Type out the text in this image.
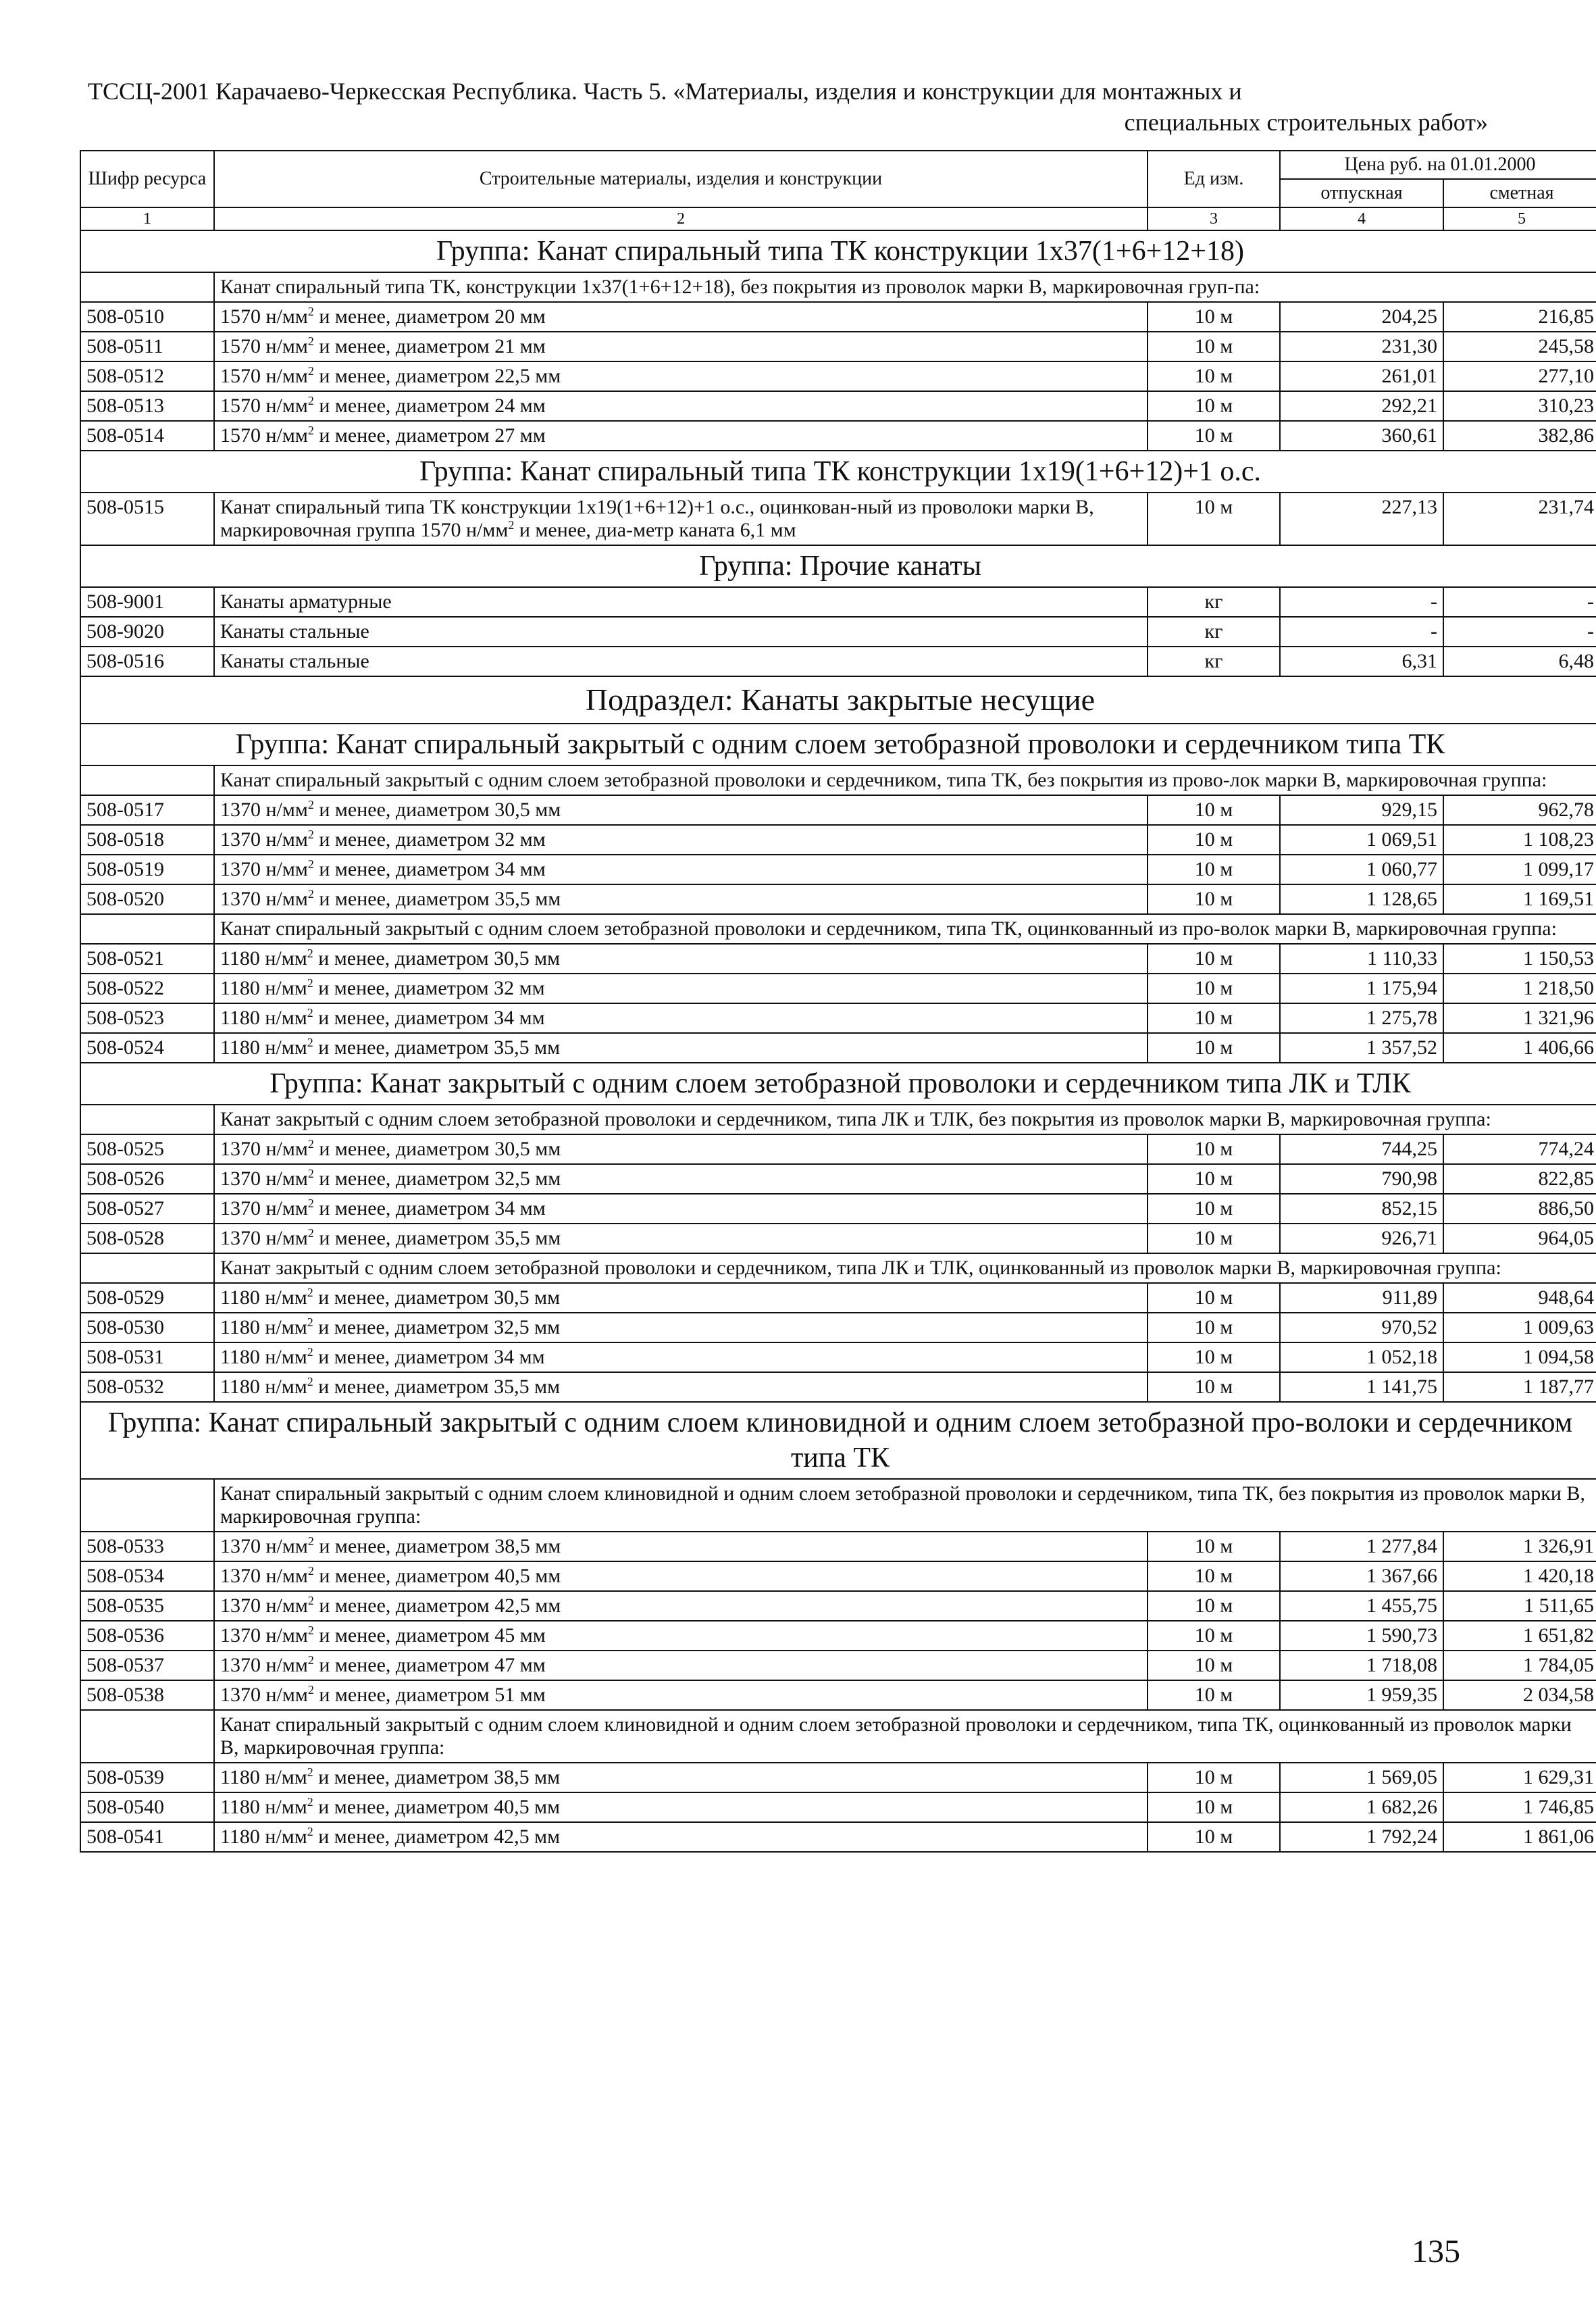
ТССЦ-2001 Карачаево-Черкесская Республика. Часть 5. «Материалы, изделия и конструкции для монтажных и
специальных строительных работ»
Шифр ресурса	Строительные материалы, изделия и конструкции	Ед изм.	Цена руб. на 01.01.2000	
			отпускная	сметная
1	2	3	4	5
Группа: Канат спиральный типа ТК конструкции 1х37(1+6+12+18)				
	Канат спиральный типа ТК, конструкции 1х37(1+6+12+18), без покрытия из проволок марки В, маркировочная груп-па:			
508-0510	1570 $н/мм^2$ и менее, диаметром 20 мм	10 м	204,25	216,85
508-0511	1570 $н/мм^2$ и менее, диаметром 21 мм	10 м	231,30	245,58
508-0512	1570 $н/мм^2$ и менее, диаметром 22,5 мм	10 м	261,01	277,10
508-0513	1570 $н/мм^2$ и менее, диаметром 24 мм	10 м	292,21	310,23
508-0514	1570 $н/мм^2$ и менее, диаметром 27 мм	10 м	360,61	382,86
Группа: Канат спиральный типа ТК конструкции 1х19(1+6+12)+1 о.с.				
508-0515	Канат спиральный типа ТК конструкции 1х19(1+6+12)+1 о.с., оцинкован-ный из проволоки марки В, маркировочная группа 1570 $н/мм^2$ и менее, диа-метр каната 6,1 мм	10 м	227,13	231,74
Группа: Прочие канаты				
508-9001	Канаты арматурные	кг	-	-
508-9020	Канаты стальные	кг	-	-
508-0516	Канаты стальные	кг	6,31	6,48
Подраздел: Канаты закрытые несущие				
Группа: Канат спиральный закрытый с одним слоем зетобразной проволоки и сердечником типа ТК				
	Канат спиральный закрытый с одним слоем зетобразной проволоки и сердечником, типа ТК, без покрытия из прово-лок марки В, маркировочная группа:			
508-0517	1370 $н/мм^2$ и менее, диаметром 30,5 мм	10 м	929,15	962,78
508-0518	1370 $н/мм^2$ и менее, диаметром 32 мм	10 м	1 069,51	1 108,23
508-0519	1370 $н/мм^2$ и менее, диаметром 34 мм	10 м	1 060,77	1 099,17
508-0520	1370 $н/мм^2$ и менее, диаметром 35,5 мм	10 м	1 128,65	1 169,51
	Канат спиральный закрытый с одним слоем зетобразной проволоки и сердечником, типа ТК, оцинкованный из про-волок марки В, маркировочная группа:			
508-0521	1180 $н/мм^2$ и менее, диаметром 30,5 мм	10 м	1 110,33	1 150,53
508-0522	1180 $н/мм^2$ и менее, диаметром 32 мм	10 м	1 175,94	1 218,50
508-0523	1180 $н/мм^2$ и менее, диаметром 34 мм	10 м	1 275,78	1 321,96
508-0524	1180 $н/мм^2$ и менее, диаметром 35,5 мм	10 м	1 357,52	1 406,66
Группа: Канат закрытый с одним слоем зетобразной проволоки и сердечником типа ЛК и ТЛК				
	Канат закрытый с одним слоем зетобразной проволоки и сердечником, типа ЛК и ТЛК, без покрытия из проволок марки В, маркировочная группа:			
508-0525	1370 $н/мм^2$ и менее, диаметром 30,5 мм	10 м	744,25	774,24
508-0526	1370 $н/мм^2$ и менее, диаметром 32,5 мм	10 м	790,98	822,85
508-0527	1370 $н/мм^2$ и менее, диаметром 34 мм	10 м	852,15	886,50
508-0528	1370 $н/мм^2$ и менее, диаметром 35,5 мм	10 м	926,71	964,05
	Канат закрытый с одним слоем зетобразной проволоки и сердечником, типа ЛК и ТЛК, оцинкованный из проволок марки В, маркировочная группа:			
508-0529	1180 $н/мм^2$ и менее, диаметром 30,5 мм	10 м	911,89	948,64
508-0530	1180 $н/мм^2$ и менее, диаметром 32,5 мм	10 м	970,52	1 009,63
508-0531	1180 $н/мм^2$ и менее, диаметром 34 мм	10 м	1 052,18	1 094,58
508-0532	1180 $н/мм^2$ и менее, диаметром 35,5 мм	10 м	1 141,75	1 187,77
Группа: Канат спиральный закрытый с одним слоем клиновидной и одним слоем зетобразной про-волоки и сердечником типа ТК				
	Канат спиральный закрытый с одним слоем клиновидной и одним слоем зетобразной проволоки и сердечником, типа ТК, без покрытия из проволок марки В, маркировочная группа:			
508-0533	1370 $н/мм^2$ и менее, диаметром 38,5 мм	10 м	1 277,84	1 326,91
508-0534	1370 $н/мм^2$ и менее, диаметром 40,5 мм	10 м	1 367,66	1 420,18
508-0535	1370 $н/мм^2$ и менее, диаметром 42,5 мм	10 м	1 455,75	1 511,65
508-0536	1370 $н/мм^2$ и менее, диаметром 45 мм	10 м	1 590,73	1 651,82
508-0537	1370 $н/мм^2$ и менее, диаметром 47 мм	10 м	1 718,08	1 784,05
508-0538	1370 $н/мм^2$ и менее, диаметром 51 мм	10 м	1 959,35	2 034,58
	Канат спиральный закрытый с одним слоем клиновидной и одним слоем зетобразной проволоки и сердечником, типа ТК, оцинкованный из проволок марки В, маркировочная группа:			
508-0539	1180 $н/мм^2$ и менее, диаметром 38,5 мм	10 м	1 569,05	1 629,31
508-0540	1180 $н/мм^2$ и менее, диаметром 40,5 мм	10 м	1 682,26	1 746,85
508-0541	1180 $н/мм^2$ и менее, диаметром 42,5 мм	10 м	1 792,24	1 861,06
135
